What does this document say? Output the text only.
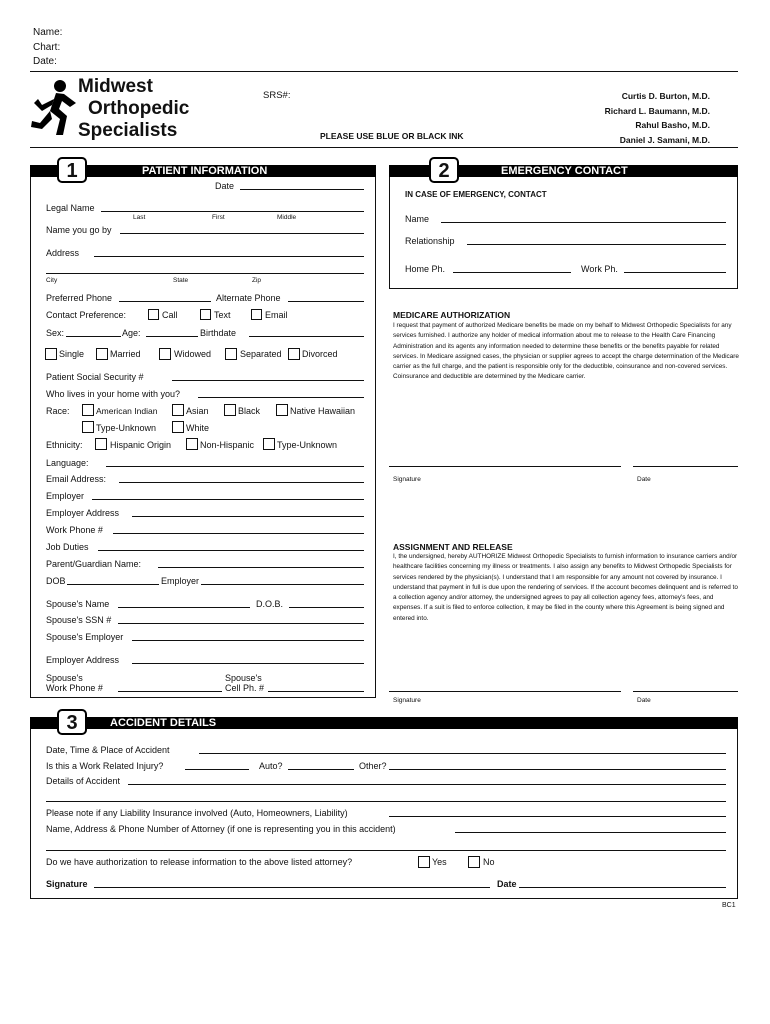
Name:
Chart:
Date:
Midwest
Orthopedic
Specialists
SRS#:
PLEASE USE BLUE OR BLACK INK
Curtis D. Burton, M.D.
Richard L. Baumann, M.D.
Rahul Basho, M.D.
Daniel J. Samani, M.D.
PATIENT INFORMATION
1
Date
Legal Name
Last	First	Middle
Name you go by
Address
City	State	Zip
Preferred Phone	Alternate Phone
Contact Preference:	Call	Text	Email
Sex:	Age:	Birthdate
Single	Married	Widowed	Separated Divorced
Patient Social Security #
Who lives in your home with you?
Race:	American Indian	Asian	Black	Native Hawaiian
Type-Unknown	White
Ethnicity:	Hispanic Origin	Non-Hispanic	Type-Unknown
Language:
Email Address:
Employer
Employer Address
Work Phone #
Job Duties
Parent/Guardian Name:
DOB	Employer
Spouse's Name	D.O.B.
Spouse's SSN #
Spouse's Employer
Employer Address
Spouse's
Work Phone #
Spouse's
Cell Ph. #
EMERGENCY CONTACT
2
IN CASE OF EMERGENCY, CONTACT
Name
Relationship
Home Ph.	Work Ph.
MEDICARE AUTHORIZATION
I request that payment of authorized Medicare benefits be made on my behalf to Midwest Orthopedic Specialists for any services furnished. I authorize any holder of medical information about me to release to the Health Care Financing Administration and its agents any information needed to determine these benefits or the benefits payable for related services. In Medicare assigned cases, the physician or supplier agrees to accept the charge determination of the Medicare carrier as the full charge, and the patient is responsible only for the deductible, coinsurance and non-covered services. Coinsurance and deductible are determined by the Medicare carrier.
Signature	Date
ASSIGNMENT AND RELEASE
I, the undersigned, hereby AUTHORIZE Midwest Orthopedic Specialists to furnish information to insurance carriers and/or healthcare facilities concerning my illness or treatments. I also assign any benefits to Midwest Orthopedic Specialists for services rendered by the physician(s). I understand that I am responsible for any amount not covered by insurance. I understand that payment in full is due upon the rendering of services. If the account becomes delinquent and is referred to a collection agency and/or attorney, the undersigned agrees to pay all collection agency fees, attorney's fees, and expenses. If a suit is filed to enforce collection, it may be filed in the county where this Agreement is being signed and entered into.
Signature	Date
ACCIDENT DETAILS
3
Date, Time & Place of Accident
Is this a Work Related Injury?	Auto?	Other?
Details of Accident
Please note if any Liability Insurance involved (Auto, Homeowners, Liability)
Name, Address & Phone Number of Attorney (if one is representing you in this accident)
Do we have authorization to release information to the above listed attorney?	Yes	No
Signature	Date
BC1
